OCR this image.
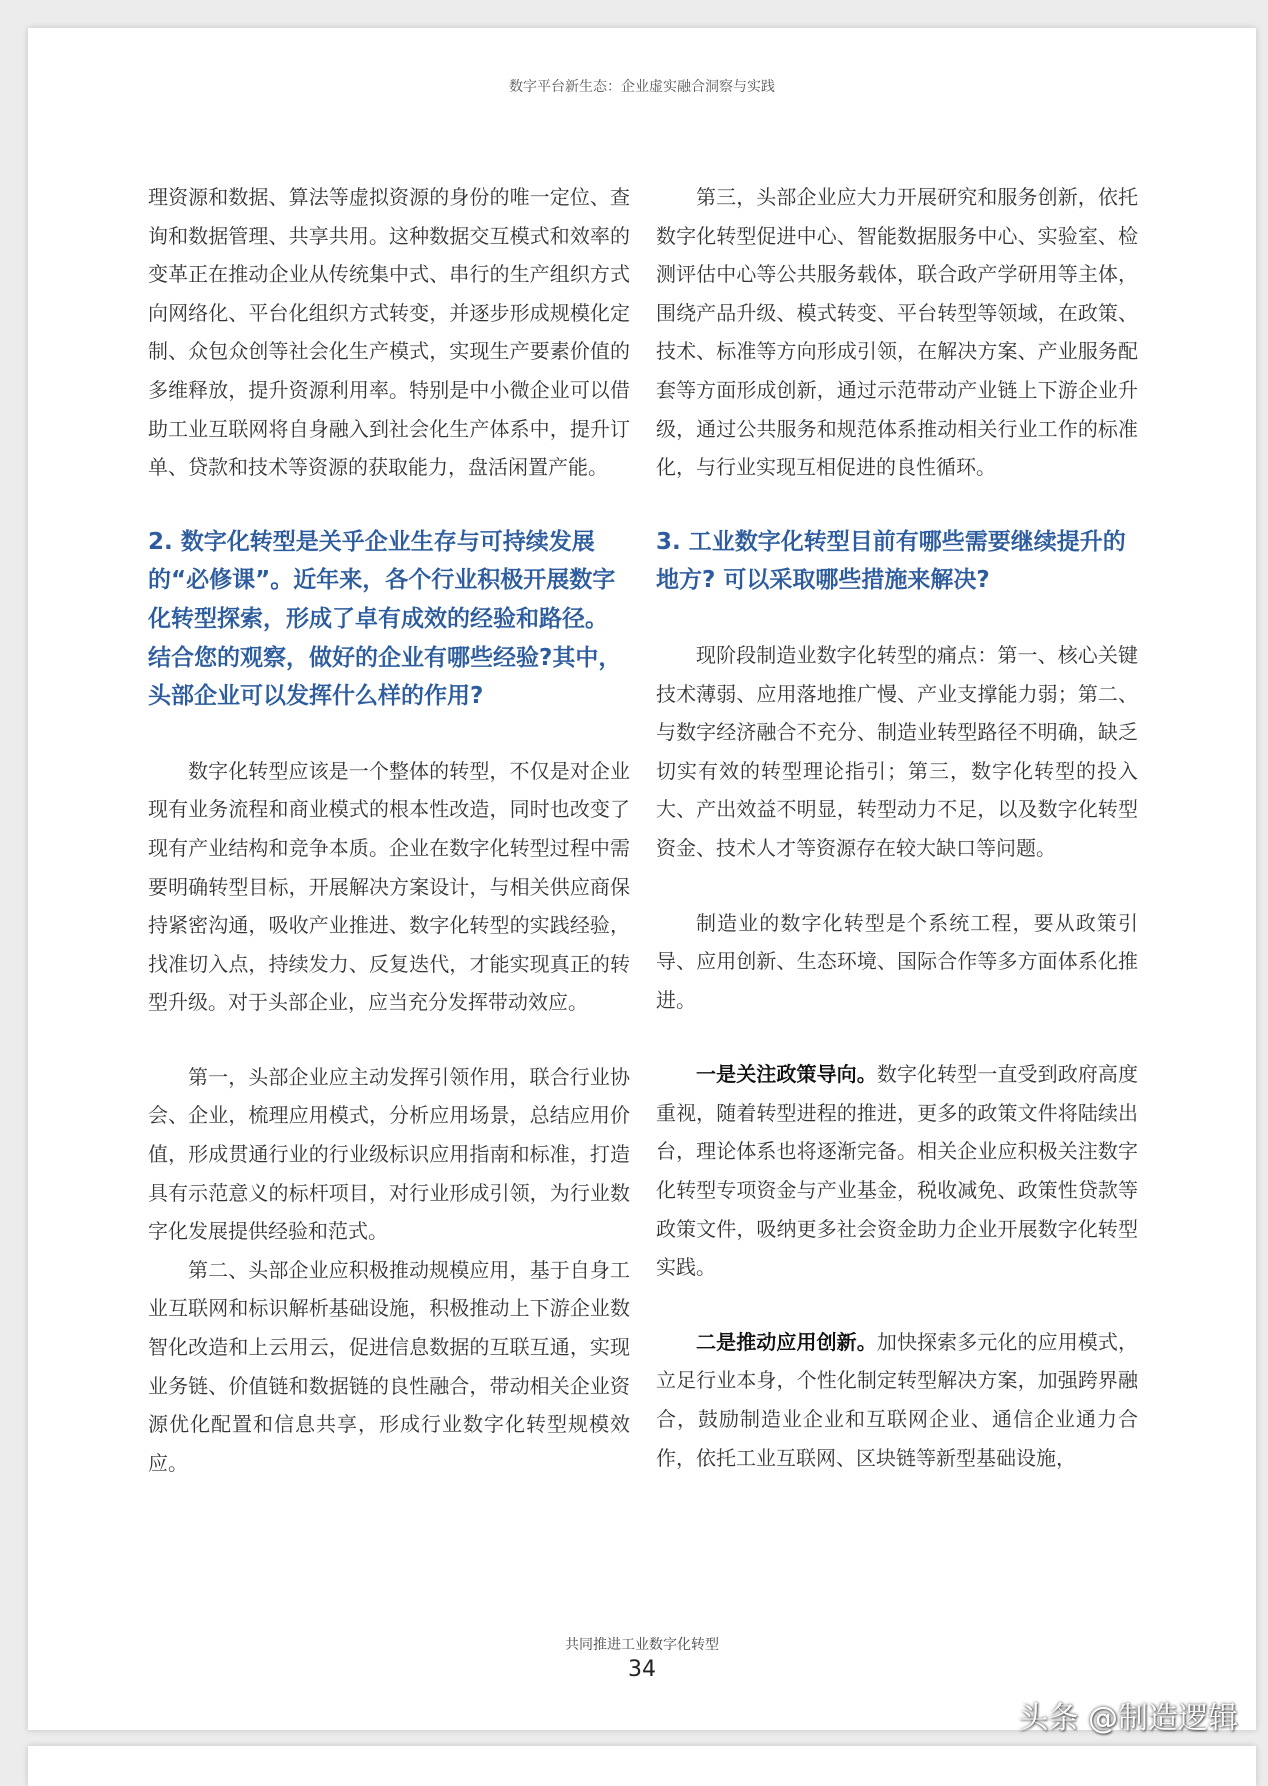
数字平台新生态：企业虚实融合洞察与实践

理资源和数据、算法等虚拟资源的身份的唯一定位、查询和数据管理、共享共用。这种数据交互模式和效率的变革正在推动企业从传统集中式、串行的生产组织方式向网络化、平台化组织方式转变，并逐步形成规模化定制、众包众创等社会化生产模式，实现生产要素价值的多维释放，提升资源利用率。特别是中小微企业可以借助工业互联网将自身融入到社会化生产体系中，提升订单、贷款和技术等资源的获取能力，盘活闲置产能。

2. 数字化转型是关乎企业生存与可持续发展的“必修课”。近年来，各个行业积极开展数字化转型探索，形成了卓有成效的经验和路径。结合您的观察，做好的企业有哪些经验?其中，头部企业可以发挥什么样的作用?

数字化转型应该是一个整体的转型，不仅是对企业现有业务流程和商业模式的根本性改造，同时也改变了现有产业结构和竞争本质。企业在数字化转型过程中需要明确转型目标，开展解决方案设计，与相关供应商保持紧密沟通，吸收产业推进、数字化转型的实践经验，找准切入点，持续发力、反复迭代，才能实现真正的转型升级。对于头部企业，应当充分发挥带动效应。

第一，头部企业应主动发挥引领作用，联合行业协会、企业，梳理应用模式，分析应用场景，总结应用价值，形成贯通行业的行业级标识应用指南和标准，打造具有示范意义的标杆项目，对行业形成引领，为行业数字化发展提供经验和范式。

第二、头部企业应积极推动规模应用，基于自身工业互联网和标识解析基础设施，积极推动上下游企业数智化改造和上云用云，促进信息数据的互联互通，实现业务链、价值链和数据链的良性融合，带动相关企业资源优化配置和信息共享，形成行业数字化转型规模效应。

第三，头部企业应大力开展研究和服务创新，依托数字化转型促进中心、智能数据服务中心、实验室、检测评估中心等公共服务载体，联合政产学研用等主体，围绕产品升级、模式转变、平台转型等领域，在政策、技术、标准等方向形成引领，在解决方案、产业服务配套等方面形成创新，通过示范带动产业链上下游企业升级，通过公共服务和规范体系推动相关行业工作的标准化，与行业实现互相促进的良性循环。

3. 工业数字化转型目前有哪些需要继续提升的地方? 可以采取哪些措施来解决?

现阶段制造业数字化转型的痛点：第一、核心关键技术薄弱、应用落地推广慢、产业支撑能力弱；第二、与数字经济融合不充分、制造业转型路径不明确，缺乏切实有效的转型理论指引；第三，数字化转型的投入大、产出效益不明显，转型动力不足，以及数字化转型资金、技术人才等资源存在较大缺口等问题。

制造业的数字化转型是个系统工程，要从政策引导、应用创新、生态环境、国际合作等多方面体系化推进。

一是关注政策导向。数字化转型一直受到政府高度重视，随着转型进程的推进，更多的政策文件将陆续出台，理论体系也将逐渐完备。相关企业应积极关注数字化转型专项资金与产业基金，税收减免、政策性贷款等政策文件，吸纳更多社会资金助力企业开展数字化转型实践。

二是推动应用创新。加快探索多元化的应用模式，立足行业本身，个性化制定转型解决方案，加强跨界融合，鼓励制造业企业和互联网企业、通信企业通力合作，依托工业互联网、区块链等新型基础设施，

共同推进工业数字化转型
34
头条 @制造逻辑
